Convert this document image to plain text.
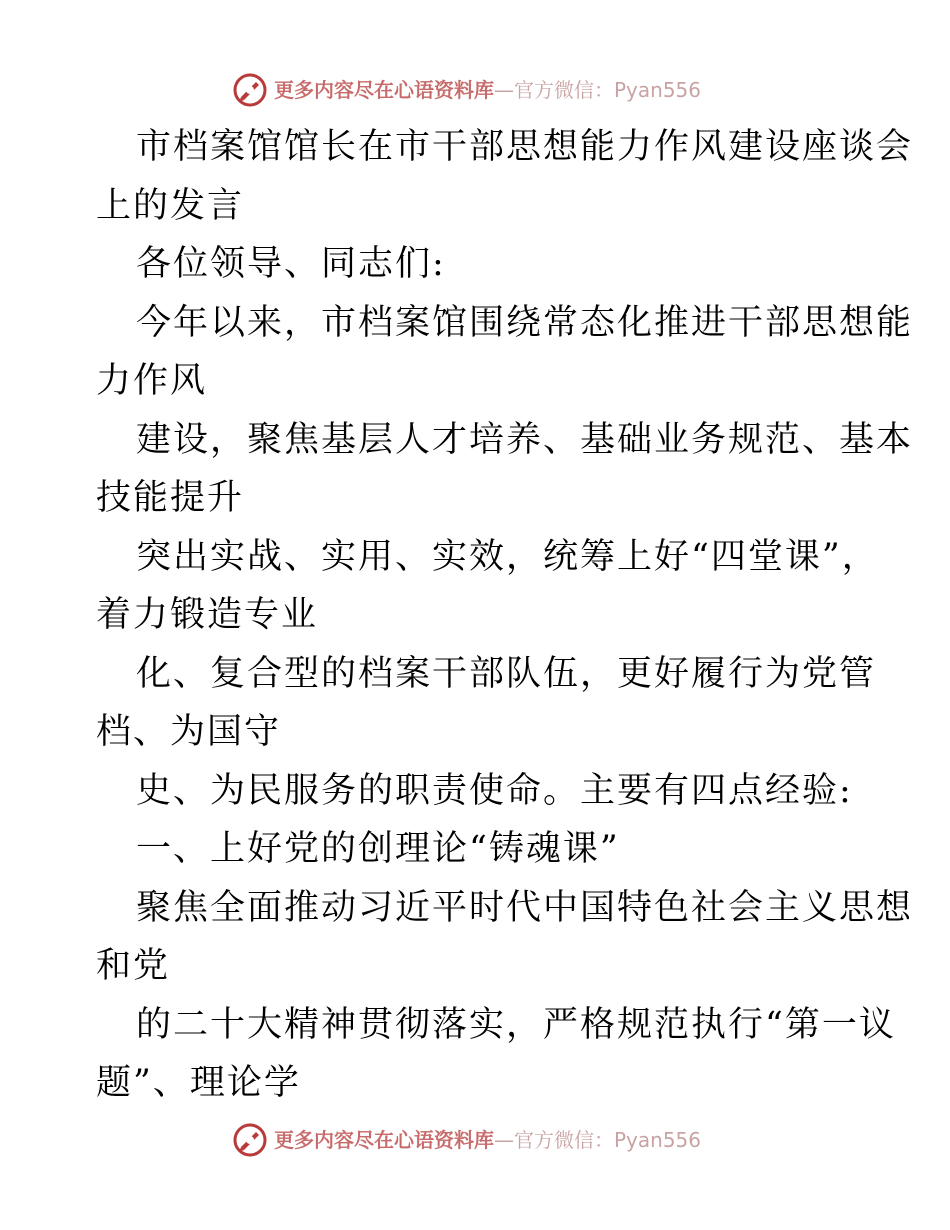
更多内容尽在心语资料库—官方微信：Pyan556

市档案馆馆长在市干部思想能力作风建设座谈会

上的发言

各位领导、同志们:

今年以来，市档案馆围绕常态化推进干部思想能

力作风

建设，聚焦基层人才培养、基础业务规范、基本

技能提升

突出实战、实用、实效，统筹上好“四堂课”，

着力锻造专业

化、复合型的档案干部队伍，更好履行为党管

档、为国守

史、为民服务的职责使命。主要有四点经验:

一、上好党的创理论“铸魂课”

聚焦全面推动习近平时代中国特色社会主义思想

和党

的二十大精神贯彻落实，严格规范执行“第一议

题”、理论学

更多内容尽在心语资料库—官方微信：Pyan556
